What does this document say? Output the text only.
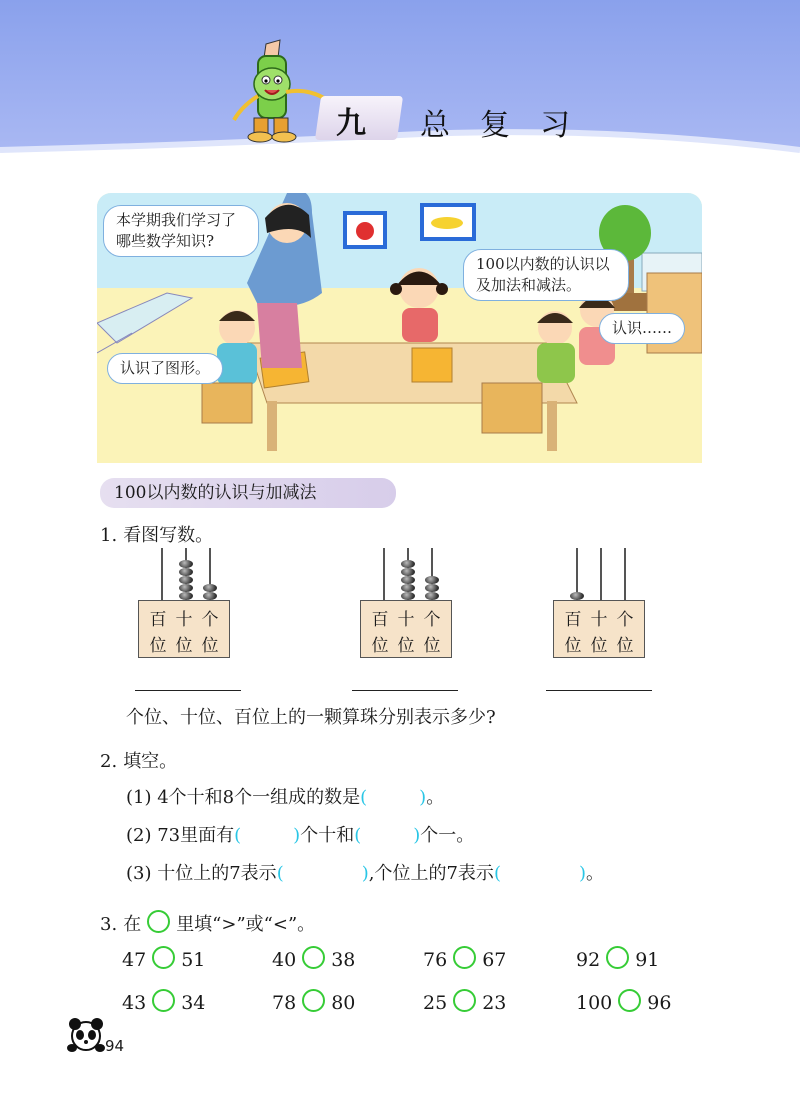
九 总复习
本学期我们学习了哪些数学知识?
100以内数的认识以及加法和减法。
认识了图形。
认识……
100以内数的认识与加减法
1. 看图写数。
百
位
十
位
个
位
百
位
十
位
个
位
百
位
十
位
个
位
个位、十位、百位上的一颗算珠分别表示多少?
2. 填空。
(1) 4个十和8个一组成的数是(	)。
(2) 73里面有(	)个十和(	)个一。
(3) 十位上的7表示(	),个位上的7表示(	)。
3. 在 里填“>”或“<”。
47 51	40 38	76 67	92 91
43 34	78 80	25 23	100 96
94
